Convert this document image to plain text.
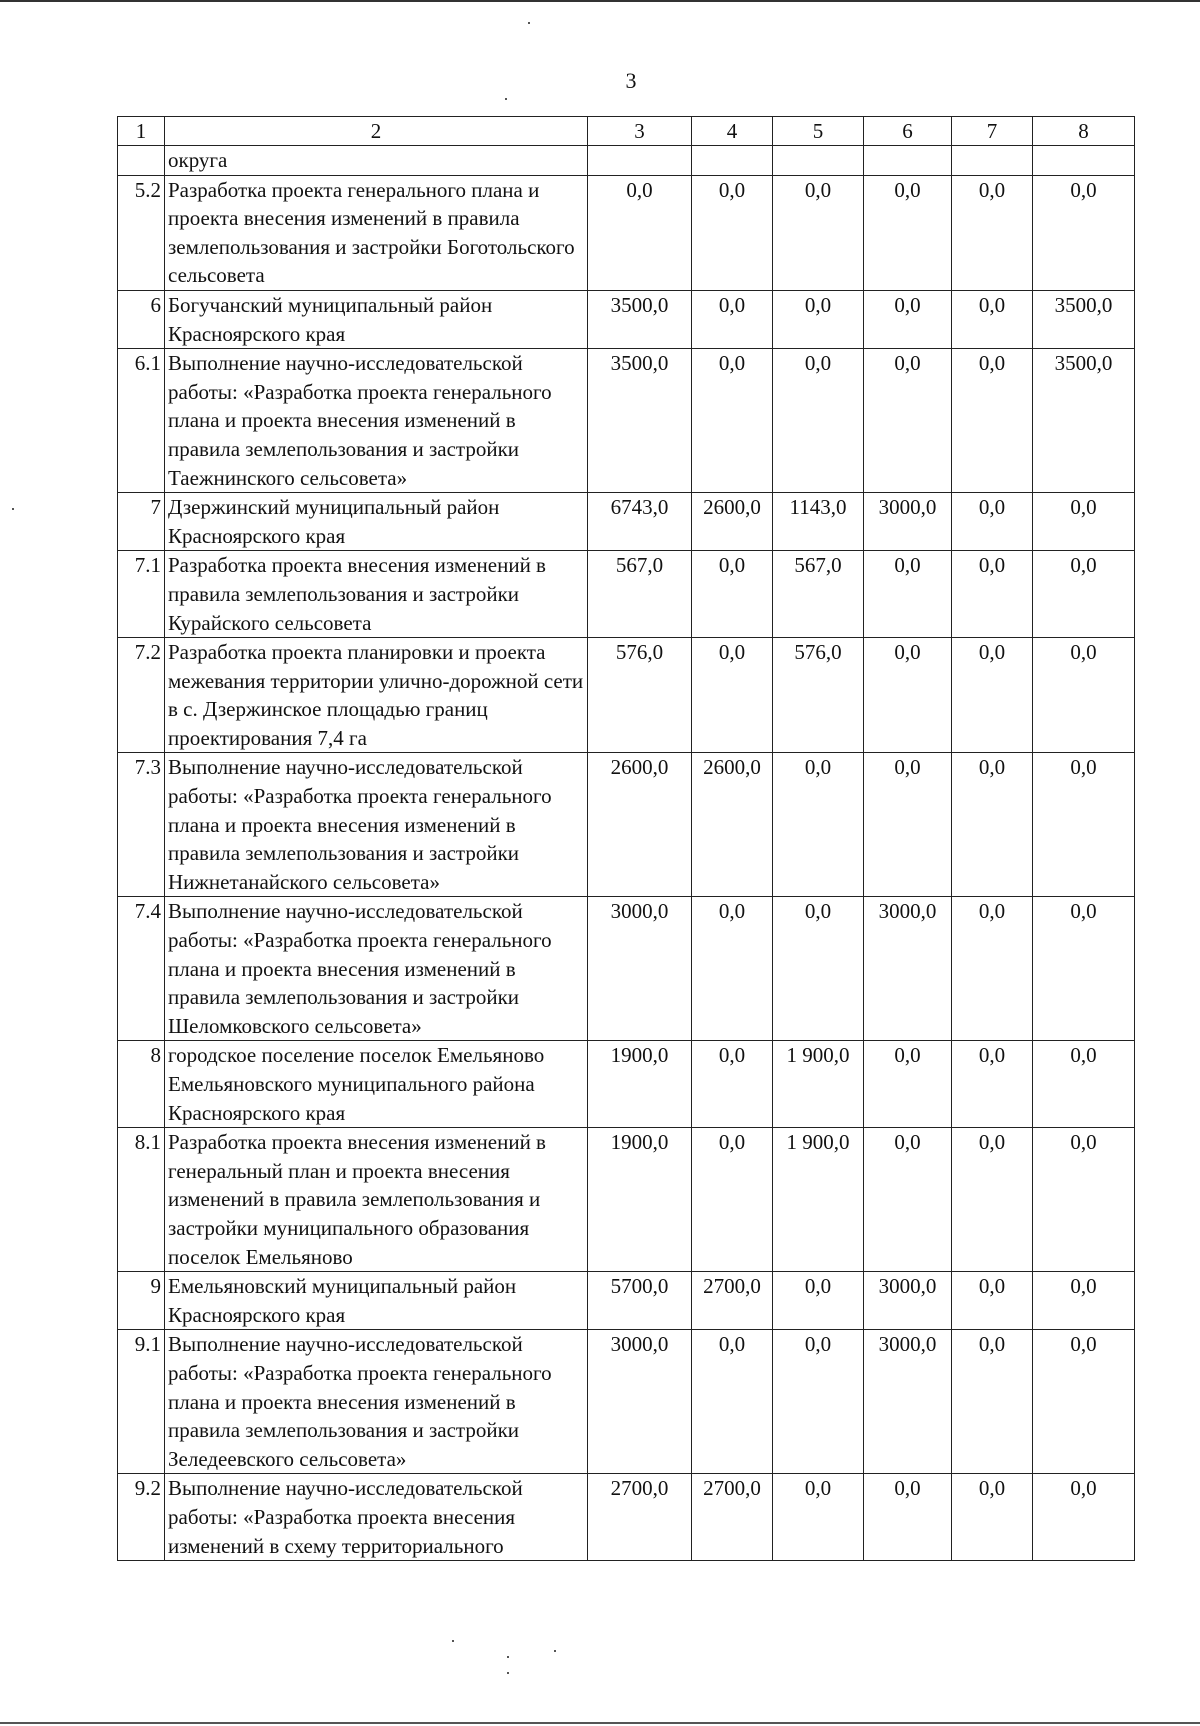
3
1	2	3	4	5	6	7	8
	округа						
5.2	Разработка проекта генерального плана и проекта внесения изменений в правила землепользования и застройки Боготольского сельсовета	0,0	0,0	0,0	0,0	0,0	0,0
6	Богучанский муниципальный район Красноярского края	3500,0	0,0	0,0	0,0	0,0	3500,0
6.1	Выполнение научно-исследовательской работы: «Разработка проекта генерального плана и проекта внесения изменений в правила землепользования и застройки Таежнинского сельсовета»	3500,0	0,0	0,0	0,0	0,0	3500,0
7	Дзержинский муниципальный район Красноярского края	6743,0	2600,0	1143,0	3000,0	0,0	0,0
7.1	Разработка проекта внесения изменений в правила землепользования и застройки Курайского сельсовета	567,0	0,0	567,0	0,0	0,0	0,0
7.2	Разработка проекта планировки и проекта межевания территории улично-дорожной сети в с. Дзержинское площадью границ проектирования 7,4 га	576,0	0,0	576,0	0,0	0,0	0,0
7.3	Выполнение научно-исследовательской работы: «Разработка проекта генерального плана и проекта внесения изменений в правила землепользования и застройки Нижнетанайского сельсовета»	2600,0	2600,0	0,0	0,0	0,0	0,0
7.4	Выполнение научно-исследовательской работы: «Разработка проекта генерального плана и проекта внесения изменений в правила землепользования и застройки Шеломковского сельсовета»	3000,0	0,0	0,0	3000,0	0,0	0,0
8	городское поселение поселок Емельяново Емельяновского муниципального района Красноярского края	1900,0	0,0	1 900,0	0,0	0,0	0,0
8.1	Разработка проекта внесения изменений в генеральный план и проекта внесения изменений в правила землепользования и застройки муниципального образования поселок Емельяново	1900,0	0,0	1 900,0	0,0	0,0	0,0
9	Емельяновский муниципальный район Красноярского края	5700,0	2700,0	0,0	3000,0	0,0	0,0
9.1	Выполнение научно-исследовательской работы: «Разработка проекта генерального плана и проекта внесения изменений в правила землепользования и застройки Зеледеевского сельсовета»	3000,0	0,0	0,0	3000,0	0,0	0,0
9.2	Выполнение научно-исследовательской работы: «Разработка проекта внесения изменений в схему территориального	2700,0	2700,0	0,0	0,0	0,0	0,0
